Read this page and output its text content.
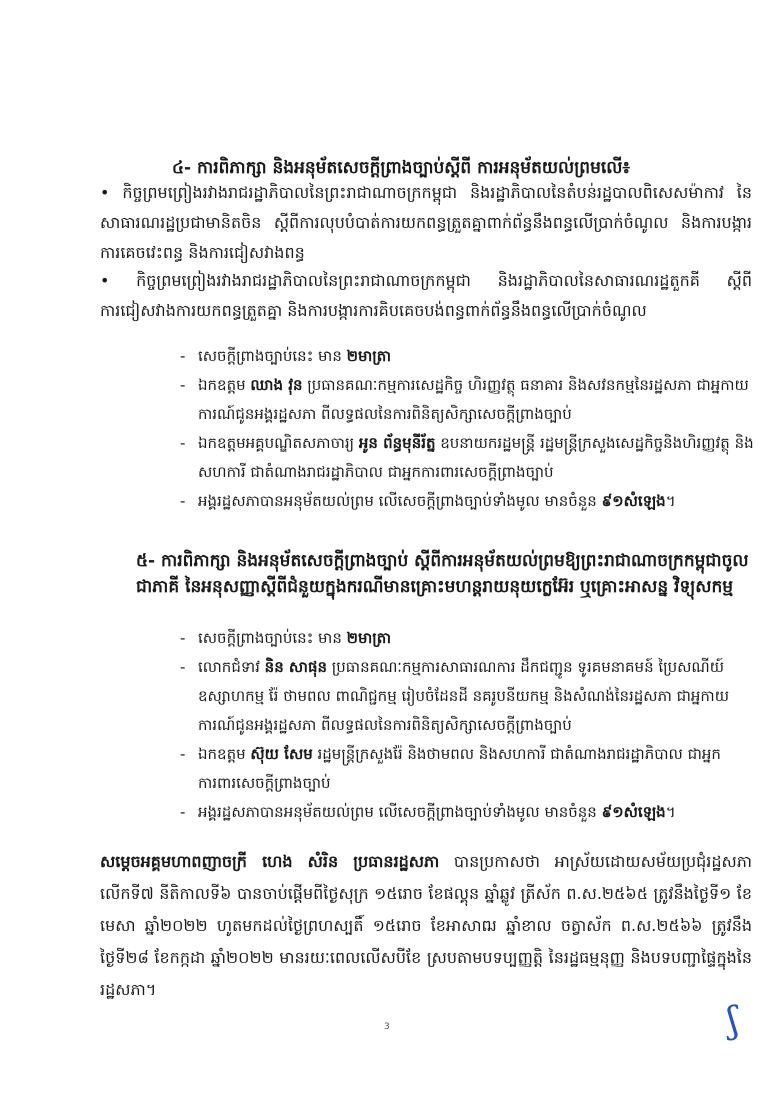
៤- ការពិភាក្សា និងអនុម័តសេចក្តីព្រាងច្បាប់ស្តីពី ការអនុម័តយល់ព្រមលើ៖
• កិច្ចព្រមព្រៀងរវាងរាជរដ្ឋាភិបាលនៃព្រះរាជាណាចក្រកម្ពុជា និងរដ្ឋាភិបាលនៃតំបន់រដ្ឋបាលពិសេសម៉ាកាវ នៃសាធារណរដ្ឋប្រជាមានិតចិន ស្តីពីការលុបបំបាត់ការយកពន្ធត្រួតគ្នាពាក់ព័ន្ធនឹងពន្ធលើប្រាក់ចំណូល និងការបង្ការការគេចវេះពន្ធ និងការជៀសវាងពន្ធ
• កិច្ចព្រមព្រៀងរវាងរាជរដ្ឋាភិបាលនៃព្រះរាជាណាចក្រកម្ពុជា និងរដ្ឋាភិបាលនៃសាធារណរដ្ឋតួកគី ស្តីពីការជៀសវាងការយកពន្ធត្រួតគ្នា និងការបង្ការការគិបគេចបង់ពន្ធពាក់ព័ន្ធនឹងពន្ធលើប្រាក់ចំណូល
- សេចក្តីព្រាងច្បាប់នេះ មាន ២មាត្រា
- ឯកឧត្តម ឈាង វុន ប្រធានគណៈកម្មការសេដ្ឋកិច្ច ហិរញ្ញវត្ថុ ធនាគារ និងសវនកម្មនៃរដ្ឋសភា ជាអ្នកាយការណ៍ជូនអង្គរដ្ឋសភា ពីលទ្ធផលនៃការពិនិត្យសិក្សាសេចក្តីព្រាងច្បាប់
- ឯកឧត្តមអគ្គបណ្ឌិតសភាចារ្យ អូន ព័ន្ធមុនីរ័ត្ន ឧបនាយករដ្ឋមន្ត្រី រដ្ឋមន្ត្រីក្រសួងសេដ្ឋកិច្ចនិងហិរញ្ញវត្ថុ និងសហការី ជាតំណាងរាជរដ្ឋាភិបាល ជាអ្នកការពារសេចក្តីព្រាងច្បាប់
- អង្គរដ្ឋសភាបានអនុម័តយល់ព្រម លើសេចក្តីព្រាងច្បាប់ទាំងមូល មានចំនួន ៩១សំឡេង។
៥- ការពិភាក្សា និងអនុម័តសេចក្តីព្រាងច្បាប់ ស្តីពីការអនុម័តយល់ព្រមឱ្យព្រះរាជាណាចក្រកម្ពុជាចូលជាភាគី នៃអនុសញ្ញាស្តីពីជំនួយក្នុងករណីមានគ្រោះមហន្តរាយនុយក្លេអ៊ែរ ឬគ្រោះអាសន្ន វិទ្យុសកម្ម
- សេចក្តីព្រាងច្បាប់នេះ មាន ២មាត្រា
- លោកជំទាវ និន សាផុន ប្រធានគណៈកម្មការសាធារណការ ដឹកជញ្ជូន ទូរគមនាគមន៍ ប្រៃសណីយ៍ ឧស្សាហកម្ម រ៉ែ ថាមពល ពាណិជ្ជកម្ម រៀបចំដែនដី នគរូបនីយកម្ម និងសំណង់នៃរដ្ឋសភា ជាអ្នកាយការណ៍ជូនអង្គរដ្ឋសភា ពីលទ្ធផលនៃការពិនិត្យសិក្សាសេចក្តីព្រាងច្បាប់
- ឯកឧត្តម ស៊ុយ សែម រដ្ឋមន្ត្រីក្រសួងរ៉ែ និងថាមពល និងសហការី ជាតំណាងរាជរដ្ឋាភិបាល ជាអ្នកការពារសេចក្តីព្រាងច្បាប់
- អង្គរដ្ឋសភាបានអនុម័តយល់ព្រម លើសេចក្តីព្រាងច្បាប់ទាំងមូល មានចំនួន ៩១សំឡេង។
សម្តេចអគ្គមហាពញាចក្រី ហេង សំរិន ប្រធានរដ្ឋសភា បានប្រកាសថា អាស្រ័យដោយសម័យប្រជុំរដ្ឋសភា លើកទី៧ នីតិកាលទី៦ បានចាប់ផ្តើមពីថ្ងៃសុក្រ ១៥រោច ខែផល្គុន ឆ្នាំឆ្លូវ ត្រីស័ក ព.ស.២៥៦៥ ត្រូវនឹងថ្ងៃទី១ ខែមេសា ឆ្នាំ២០២២ ហូតមកដល់ថ្ងៃព្រហស្បតិ៍ ១៥រោច ខែអាសាឍ ឆ្នាំខាល ចត្វាស័ក ព.ស.២៥៦៦ ត្រូវនឹងថ្ងៃទី២៨ ខែកក្កដា ឆ្នាំ២០២២ មានរយៈពេលលើសបីខែ ស្របតាមបទប្បញ្ញត្តិ នៃរដ្ឋធម្មនុញ្ញ និងបទបញ្ជាផ្ទៃក្នុងនៃរដ្ឋសភា។
3	ʃ
